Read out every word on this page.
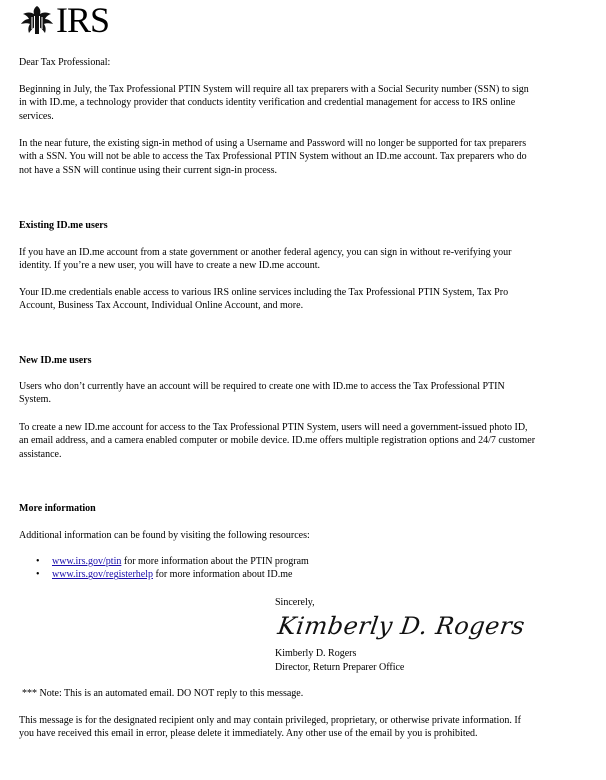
IRS

Dear Tax Professional:

Beginning in July, the Tax Professional PTIN System will require all tax preparers with a Social Security number (SSN) to sign in with ID.me, a technology provider that conducts identity verification and credential management for access to IRS online services.

In the near future, the existing sign-in method of using a Username and Password will no longer be supported for tax preparers with a SSN. You will not be able to access the Tax Professional PTIN System without an ID.me account. Tax preparers who do not have a SSN will continue using their current sign-in process.

Existing ID.me users

If you have an ID.me account from a state government or another federal agency, you can sign in without re-verifying your identity. If you’re a new user, you will have to create a new ID.me account.

Your ID.me credentials enable access to various IRS online services including the Tax Professional PTIN System, Tax Pro Account, Business Tax Account, Individual Online Account, and more.

New ID.me users

Users who don’t currently have an account will be required to create one with ID.me to access the Tax Professional PTIN System.

To create a new ID.me account for access to the Tax Professional PTIN System, users will need a government-issued photo ID, an email address, and a camera enabled computer or mobile device. ID.me offers multiple registration options and 24/7 customer assistance.

More information

Additional information can be found by visiting the following resources:

• www.irs.gov/ptin for more information about the PTIN program
• www.irs.gov/registerhelp for more information about ID.me

Sincerely,

Kimberly D. Rogers

Kimberly D. Rogers

Director, Return Preparer Office

*** Note: This is an automated email. DO NOT reply to this message.

This message is for the designated recipient only and may contain privileged, proprietary, or otherwise private information. If you have received this email in error, please delete it immediately. Any other use of the email by you is prohibited.
